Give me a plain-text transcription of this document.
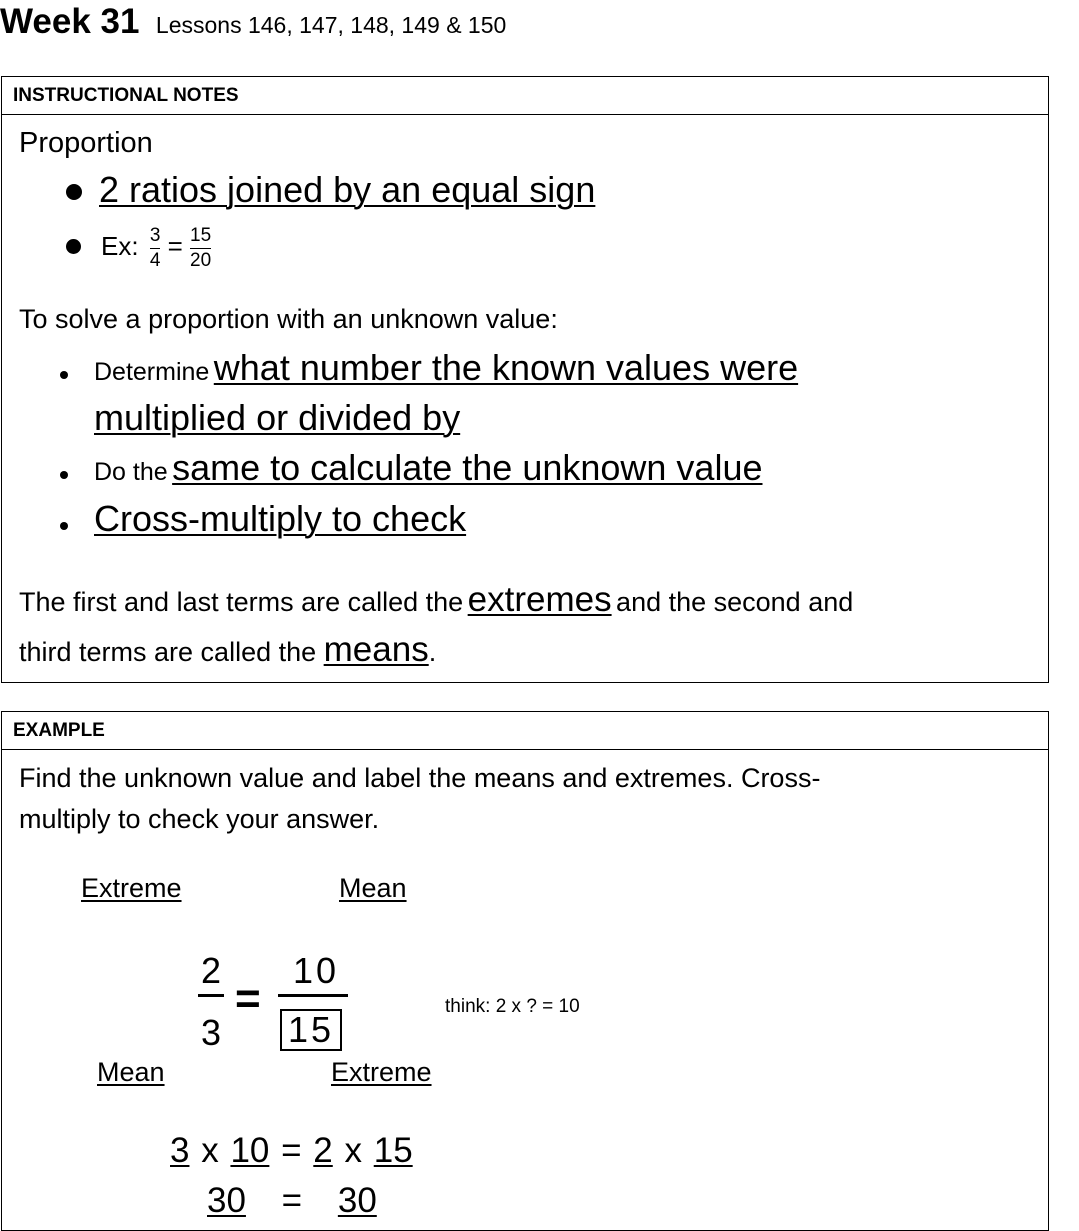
Week 31 Lessons 146, 147, 148, 149 & 150
INSTRUCTIONAL NOTES
Proportion
2 ratios joined by an equal sign
Ex: $\frac{3}{4} = \frac{15}{20}$
To solve a proportion with an unknown value:
Determine what number the known values were
multiplied or divided by
Do the same to calculate the unknown value
Cross-multiply to check
The first and last terms are called the extremes and the second and
third terms are called the means.
EXAMPLE
Find the unknown value and label the means and extremes. Cross-
multiply to check your answer.
Extreme	Mean
2
3
=
10
15
think: 2 x ? = 10
Mean	Extreme
3 x 10 = 2 x 15
30 = 30
